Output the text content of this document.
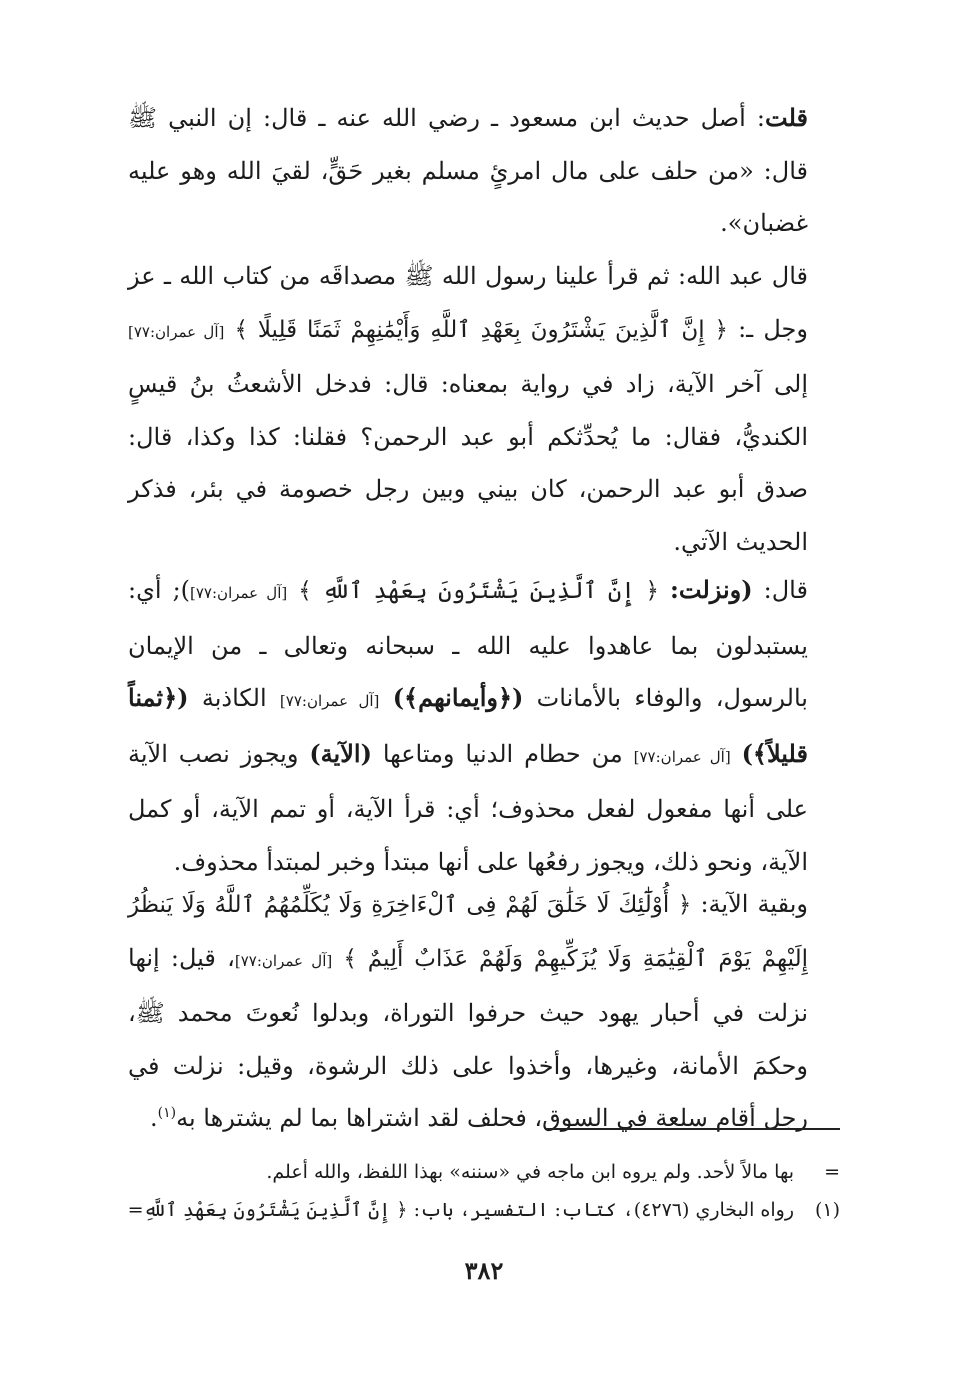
قلت: أصل حديث ابن مسعود ـ رضي الله عنه ـ قال: إن النبي ﷺ قال: «من حلف على مال امرئٍ مسلم بغير حَقٍّ، لقيَ الله وهو عليه غضبان».

قال عبد الله: ثم قرأ علينا رسول الله ﷺ مصداقَه من كتاب الله ـ عز وجل ـ: ﴿ إِنَّ ٱلَّذِينَ يَشْتَرُونَ بِعَهْدِ ٱللَّهِ وَأَيْمَٰنِهِمْ ثَمَنًا قَلِيلًا ﴾ [آل عمران:٧٧] إلى آخر الآية، زاد في رواية بمعناه: قال: فدخل الأشعثُ بنُ قيسٍ الكنديُّ، فقال: ما يُحدِّثكم أبو عبد الرحمن؟ فقلنا: كذا وكذا، قال: صدق أبو عبد الرحمن، كان بيني وبين رجل خصومة في بئر، فذكر الحديث الآتي.

قال: (ونزلت: ﴿ إِنَّ ٱلَّذِينَ يَشْتَرُونَ بِعَهْدِ ٱللَّهِ ﴾ [آل عمران:٧٧]); أي: يستبدلون بما عاهدوا عليه الله ـ سبحانه وتعالى ـ من الإيمان بالرسول، والوفاء بالأمانات (﴿وأيمانهم﴾) [آل عمران:٧٧] الكاذبة (﴿ثمناً قليلاً﴾) [آل عمران:٧٧] من حطام الدنيا ومتاعها (الآية) ويجوز نصب الآية على أنها مفعول لفعل محذوف؛ أي: قرأ الآية، أو تمم الآية، أو كمل الآية، ونحو ذلك، ويجوز رفعُها على أنها مبتدأ وخبر لمبتدأ محذوف.

وبقية الآية: ﴿ أُوْلَٰٓئِكَ لَا خَلَٰقَ لَهُمْ فِى ٱلْءَاخِرَةِ وَلَا يُكَلِّمُهُمُ ٱللَّهُ وَلَا يَنظُرُ إِلَيْهِمْ يَوْمَ ٱلْقِيَٰمَةِ وَلَا يُزَكِّيهِمْ وَلَهُمْ عَذَابٌ أَلِيمٌ ﴾ [آل عمران:٧٧]، قيل: إنها نزلت في أحبار يهود حيث حرفوا التوراة، وبدلوا نُعوتَ محمد ﷺ، وحكمَ الأمانة، وغيرها، وأخذوا على ذلك الرشوة، وقيل: نزلت في رجل أقام سلعة في السوق، فحلف لقد اشتراها بما لم يشترها به$^{(١)}$.

=بها مالاً لأحد. ولم يروه ابن ماجه في «سننه» بهذا اللفظ، والله أعلم.

(١)رواه البخاري (٤٢٧٦)، كتاب: التفسير، باب: ﴿ إِنَّ ٱلَّذِينَ يَشْتَرُونَ بِعَهْدِ ٱللَّهِ=

٣٨٢
